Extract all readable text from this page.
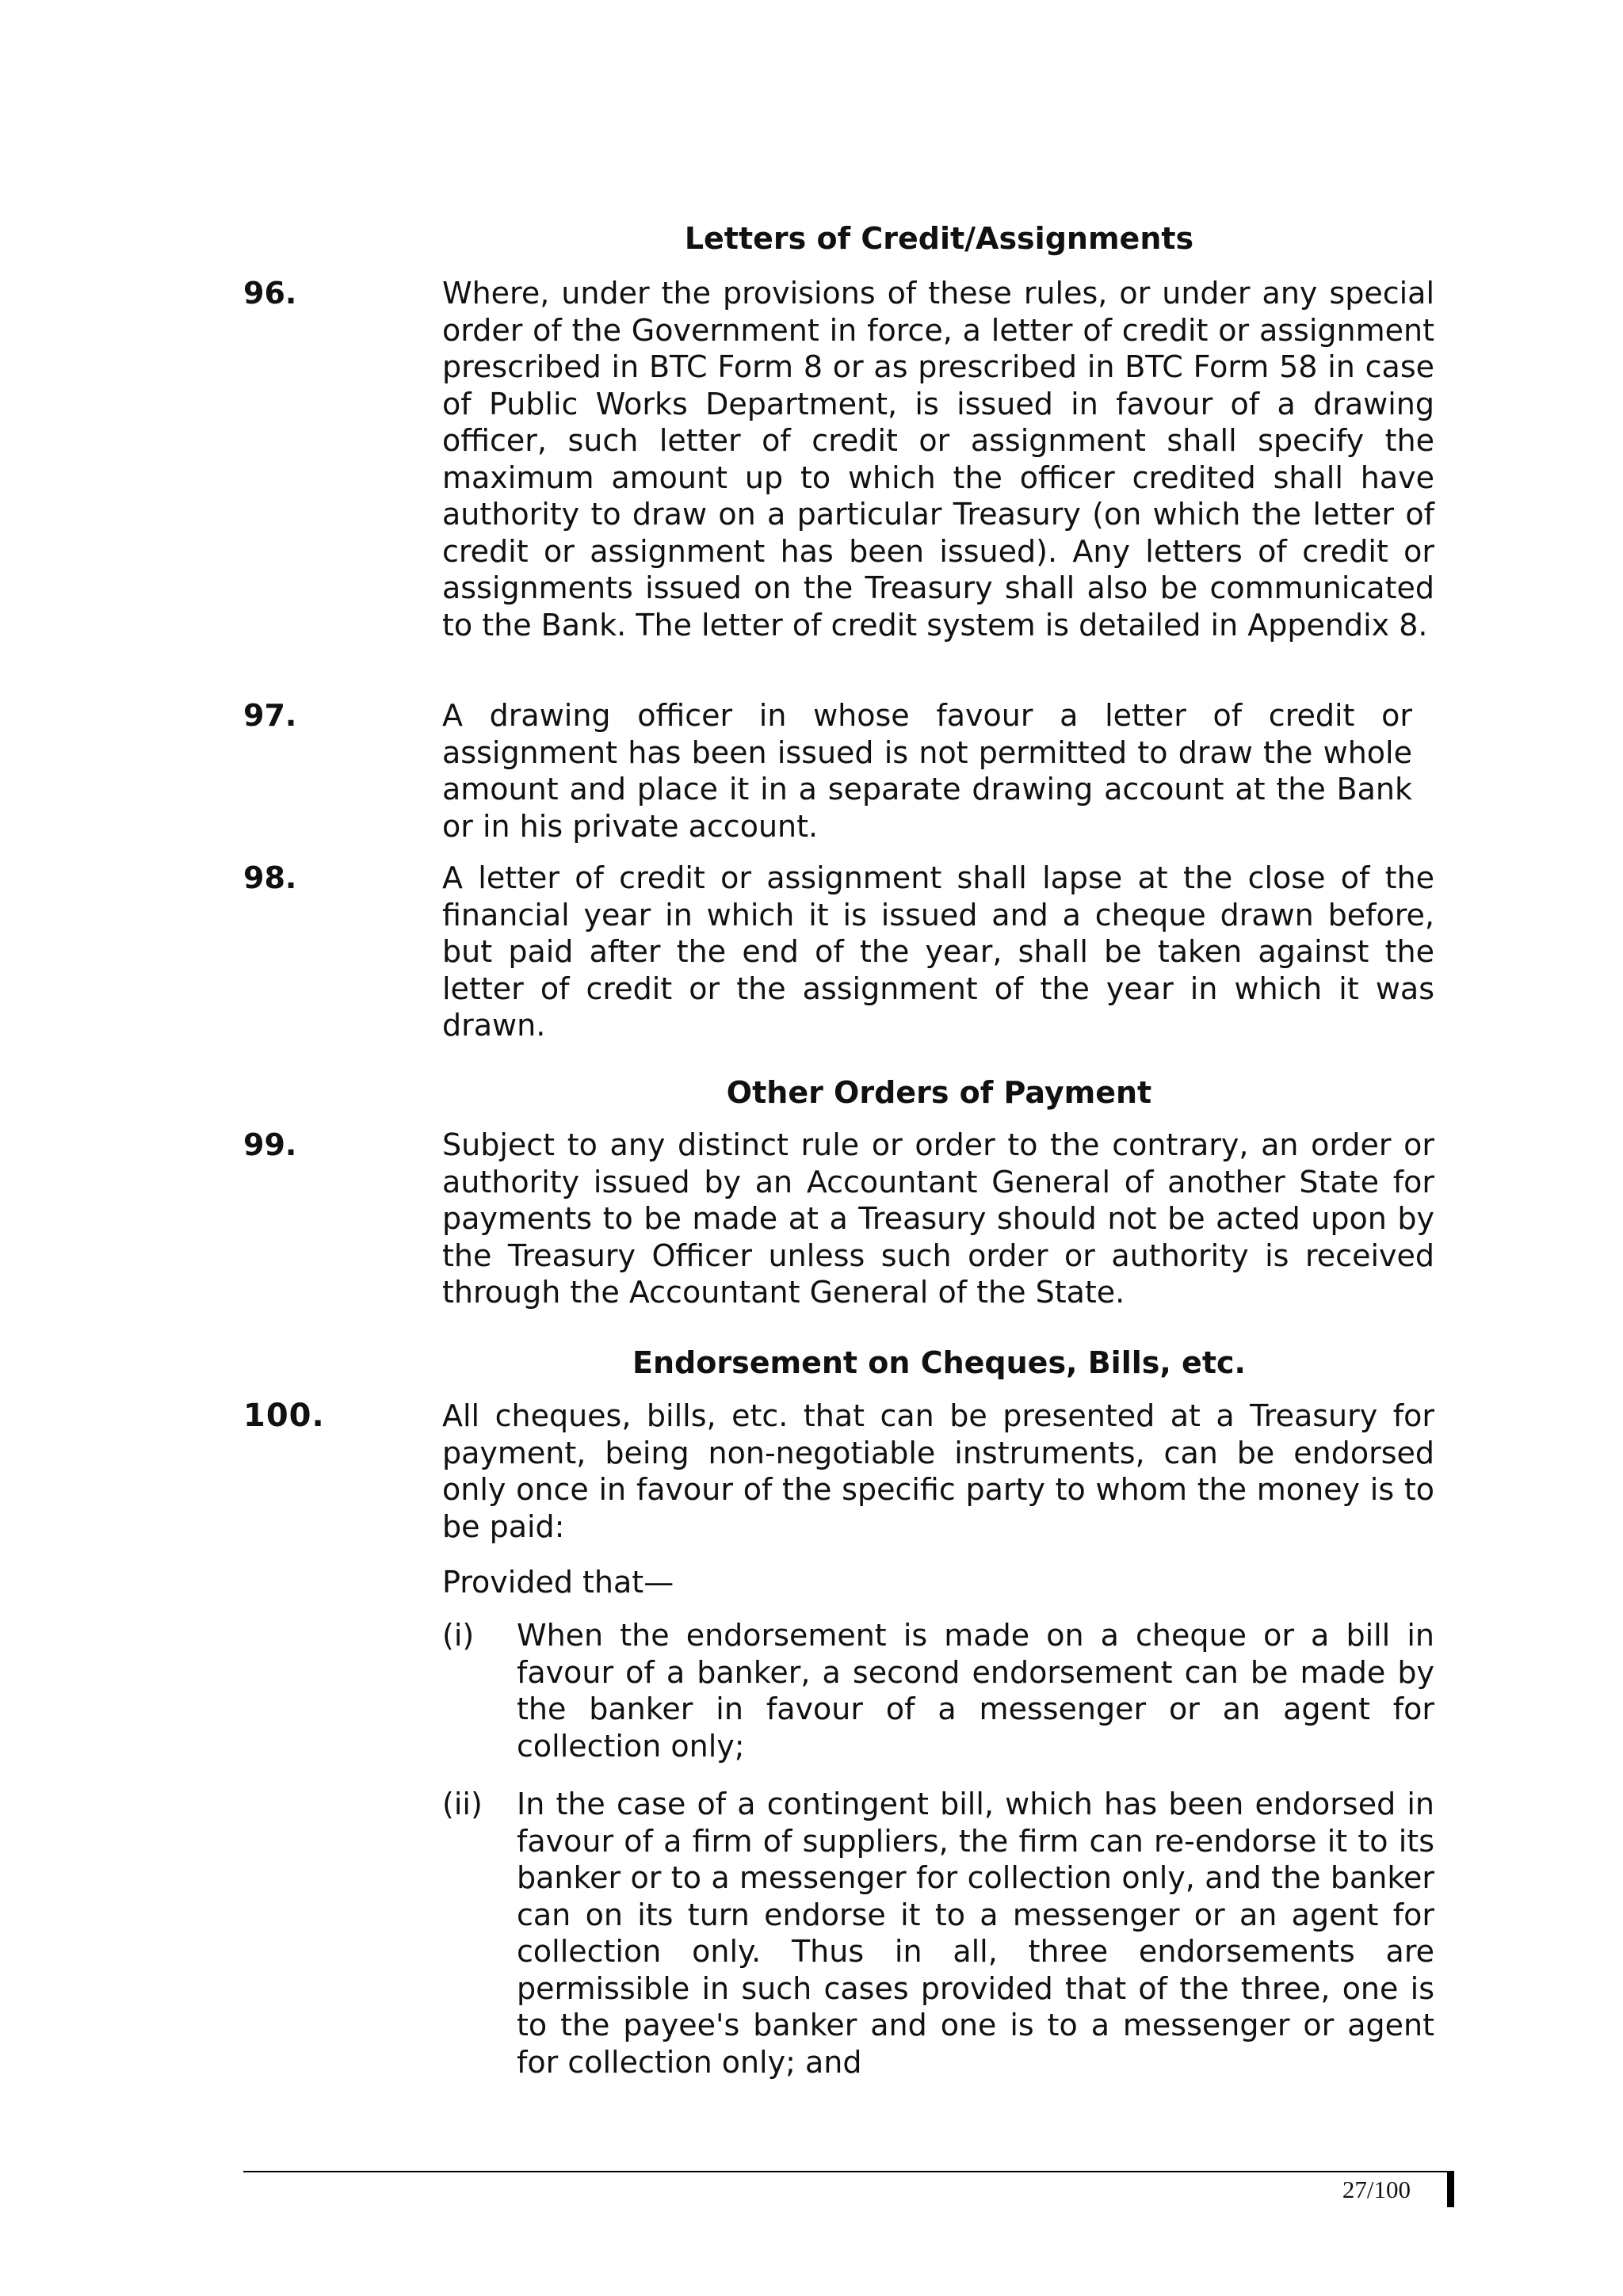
Letters of Credit/Assignments
96.	Where, under the provisions of these rules, or under any special order of the Government in force, a letter of credit or assignment prescribed in BTC Form 8 or as prescribed in BTC Form 58 in case of Public Works Department, is issued in favour of a drawing officer, such letter of credit or assignment shall specify the maximum amount up to which the officer credited shall have authority to draw on a particular Treasury (on which the letter of credit or assignment has been issued). Any letters of credit or assignments issued on the Treasury shall also be communicated to the Bank. The letter of credit system is detailed in Appendix 8.
97.	A drawing officer in whose favour a letter of credit or assignment has been issued is not permitted to draw the whole amount and place it in a separate drawing account at the Bank or in his private account.
98.	A letter of credit or assignment shall lapse at the close of the financial year in which it is issued and a cheque drawn before, but paid after the end of the year, shall be taken against the letter of credit or the assignment of the year in which it was drawn.
Other Orders of Payment
99.	Subject to any distinct rule or order to the contrary, an order or authority issued by an Accountant General of another State for payments to be made at a Treasury should not be acted upon by the Treasury Officer unless such order or authority is received through the Accountant General of the State.
Endorsement on Cheques, Bills, etc.
100.	All cheques, bills, etc. that can be presented at a Treasury for payment, being non-negotiable instruments, can be endorsed only once in favour of the specific party to whom the money is to be paid:
Provided that—
(i) When the endorsement is made on a cheque or a bill in favour of a banker, a second endorsement can be made by the banker in favour of a messenger or an agent for collection only;
(ii) In the case of a contingent bill, which has been endorsed in favour of a firm of suppliers, the firm can re-endorse it to its banker or to a messenger for collection only, and the banker can on its turn endorse it to a messenger or an agent for collection only. Thus in all, three endorsements are permissible in such cases provided that of the three, one is to the payee's banker and one is to a messenger or agent for collection only; and
27/100
